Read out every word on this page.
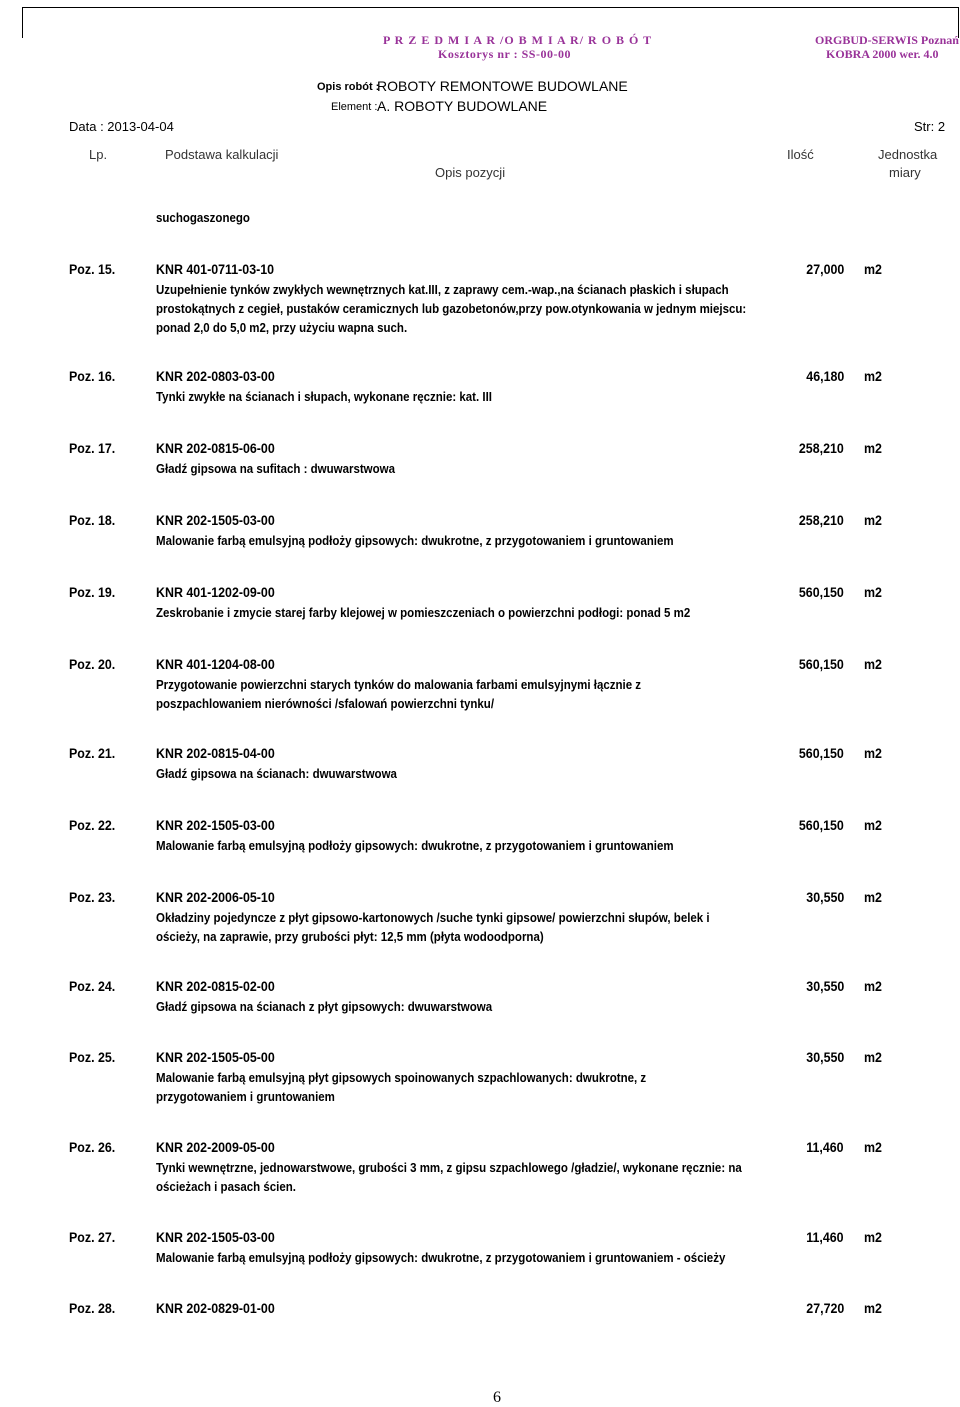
P R Z E D M I A R /O B M I A R/ R O B Ó T
Kosztorys nr : SS-00-00
ORGBUD-SERWIS Poznań
KOBRA 2000 wer. 4.0
Opis robót :
ROBOTY REMONTOWE BUDOWLANE
Element : A. ROBOTY BUDOWLANE
Data : 2013-04-04	Str: 2
Lp.	Podstawa kalkulacji	Ilość	Jednostka
Opis pozycji	miary
suchogaszonego
Poz. 15.	KNR 401-0711-03-10	27,000 m2
Uzupełnienie tynków zwykłych wewnętrznych kat.III, z zaprawy cem.-wap.,na ścianach płaskich i słupach
prostokątnych z cegieł, pustaków ceramicznych lub gazobetonów,przy pow.otynkowania w jednym miejscu:
ponad 2,0 do 5,0 m2, przy użyciu wapna such.
Poz. 16.	KNR 202-0803-03-00	46,180 m2
Tynki zwykłe na ścianach i słupach, wykonane ręcznie: kat. III
Poz. 17.	KNR 202-0815-06-00	258,210 m2
Gładź gipsowa na sufitach : dwuwarstwowa
Poz. 18.	KNR 202-1505-03-00	258,210 m2
Malowanie farbą emulsyjną podłoży gipsowych: dwukrotne, z przygotowaniem i gruntowaniem
Poz. 19.	KNR 401-1202-09-00	560,150 m2
Zeskrobanie i zmycie starej farby klejowej w pomieszczeniach o powierzchni podłogi: ponad 5 m2
Poz. 20.	KNR 401-1204-08-00	560,150 m2
Przygotowanie powierzchni starych tynków do malowania farbami emulsyjnymi łącznie z
poszpachlowaniem nierówności /sfalowań powierzchni tynku/
Poz. 21.	KNR 202-0815-04-00	560,150 m2
Gładź gipsowa na ścianach: dwuwarstwowa
Poz. 22.	KNR 202-1505-03-00	560,150 m2
Malowanie farbą emulsyjną podłoży gipsowych: dwukrotne, z przygotowaniem i gruntowaniem
Poz. 23.	KNR 202-2006-05-10	30,550 m2
Okładziny pojedyncze z płyt gipsowo-kartonowych /suche tynki gipsowe/ powierzchni słupów, belek i
ościeży, na zaprawie, przy grubości płyt: 12,5 mm (płyta wodoodporna)
Poz. 24.	KNR 202-0815-02-00	30,550 m2
Gładź gipsowa na ścianach z płyt gipsowych: dwuwarstwowa
Poz. 25.	KNR 202-1505-05-00	30,550 m2
Malowanie farbą emulsyjną płyt gipsowych spoinowanych szpachlowanych: dwukrotne, z
przygotowaniem i gruntowaniem
Poz. 26.	KNR 202-2009-05-00	11,460 m2
Tynki wewnętrzne, jednowarstwowe, grubości 3 mm, z gipsu szpachlowego /gładzie/, wykonane ręcznie: na
ościeżach i pasach ścien.
Poz. 27.	KNR 202-1505-03-00	11,460 m2
Malowanie farbą emulsyjną podłoży gipsowych: dwukrotne, z przygotowaniem i gruntowaniem - ościeży
Poz. 28.	KNR 202-0829-01-00	27,720 m2
6
